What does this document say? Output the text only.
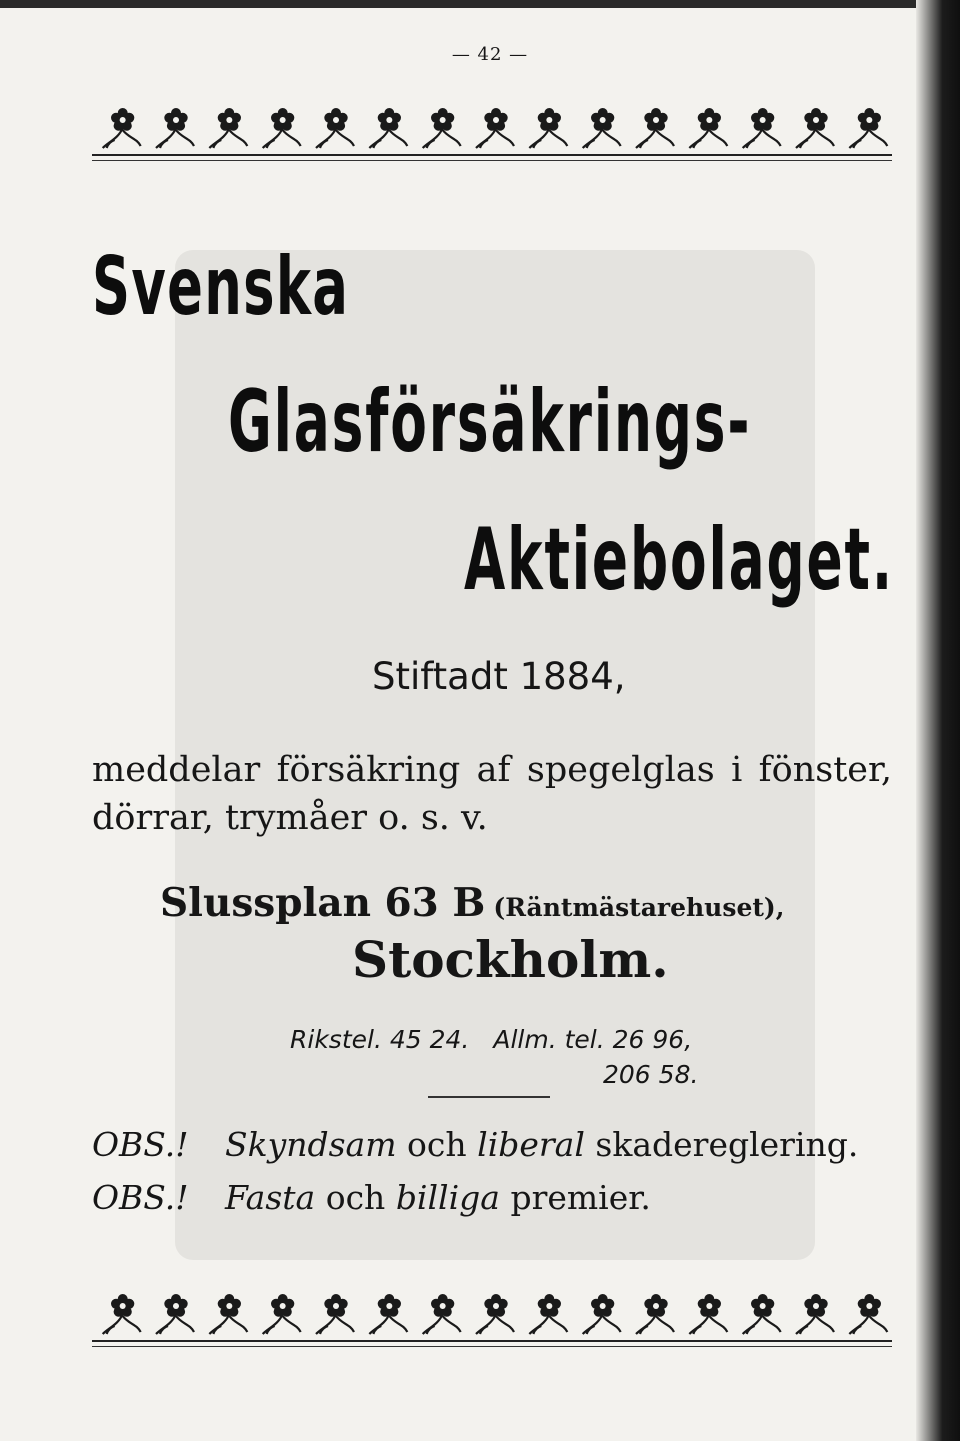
— 42 —
Svenska
Glasförsäkrings-
Aktiebolaget.
Stiftadt 1884,
meddelar försäkring af spegelglas i fönster, dörrar, trymåer o. s. v.
Slussplan 63 B (Räntmästarehuset),
Stockholm.
Rikstel. 45 24. Allm. tel. 26 96,
206 58.
OBS.! Skyndsam och liberal skadereglering.
OBS.! Fasta och billiga premier.
